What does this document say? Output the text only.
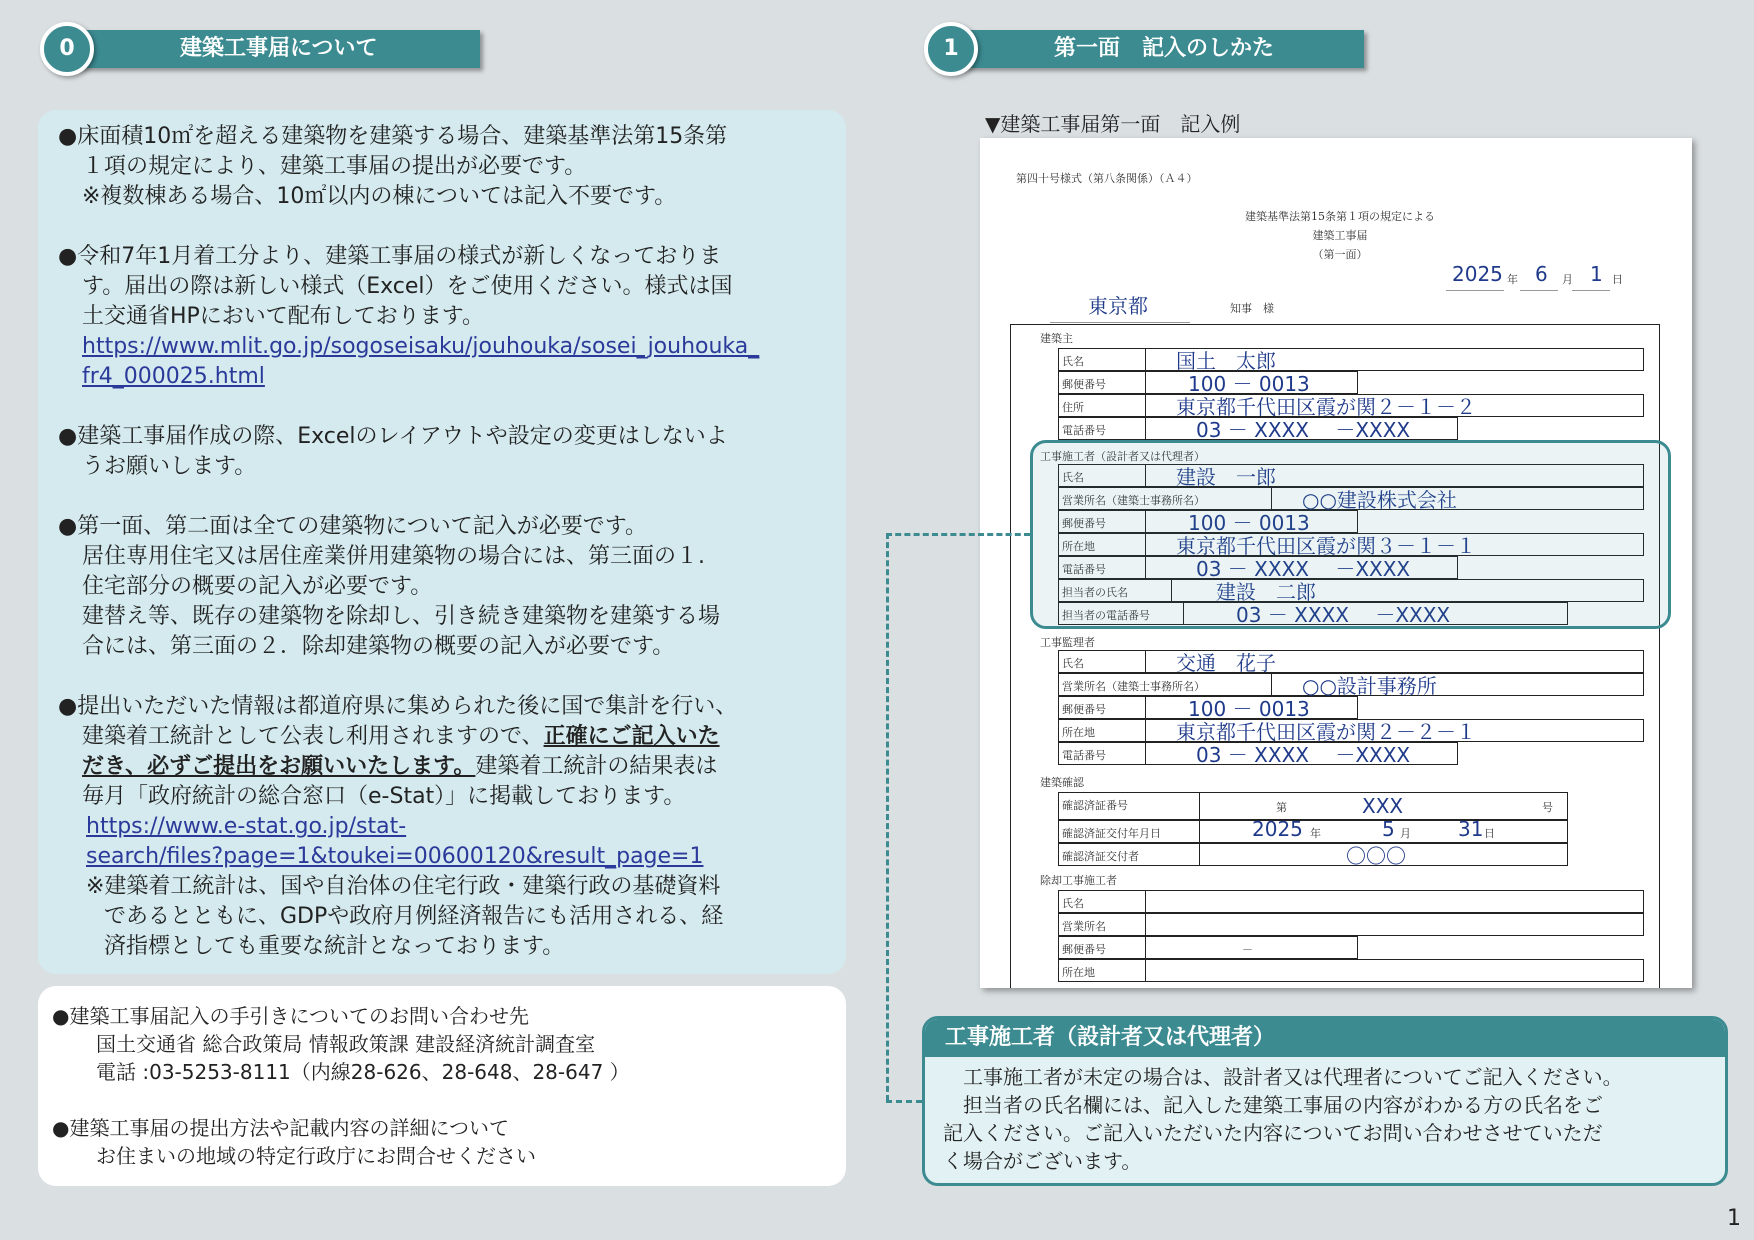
建築工事届について
0	第一面　記入のしかた
1
●床面積10㎡を超える建築物を建築する場合、建築基準法第15条第
１項の規定により、建築工事届の提出が必要です。
※複数棟ある場合、10㎡以内の棟については記入不要です。
●令和7年1月着工分より、建築工事届の様式が新しくなっておりま
す。届出の際は新しい様式（Excel）をご使用ください。様式は国
土交通省HPにおいて配布しております。
https://www.mlit.go.jp/sogoseisaku/jouhouka/sosei_jouhouka_
fr4_000025.html
●建築工事届作成の際、Excelのレイアウトや設定の変更はしないよ
うお願いします。
●第一面、第二面は全ての建築物について記入が必要です。
居住専用住宅又は居住産業併用建築物の場合には、第三面の１.
住宅部分の概要の記入が必要です。
建替え等、既存の建築物を除却し、引き続き建築物を建築する場
合には、第三面の２．除却建築物の概要の記入が必要です。
●提出いただいた情報は都道府県に集められた後に国で集計を行い、
建築着工統計として公表し利用されますので、正確にご記入いた
だき、必ずご提出をお願いいたします。建築着工統計の結果表は
毎月「政府統計の総合窓口（e-Stat）」に掲載しております。
https://www.e-stat.go.jp/stat-
search/files?page=1&toukei=00600120&result_page=1
※建築着工統計は、国や自治体の住宅行政・建築行政の基礎資料
であるとともに、GDPや政府月例経済報告にも活用される、経
済指標としても重要な統計となっております。
●建築工事届記入の手引きについてのお問い合わせ先
国土交通省 総合政策局 情報政策課 建設経済統計調査室
電話 :03-5253-8111（内線28-626、28-648、28-647 ）
●建築工事届の提出方法や記載内容の詳細について
お住まいの地域の特定行政庁にお問合せください
▼建築工事届第一面　記入例
第四十号様式（第八条関係）（Ａ４）
建築基準法第15条第１項の規定による
建築工事届
（第一面）
2025 年 6 月 1 日
東京都	知事　様
建築主
氏名	国土　太郎
郵便番号	100 － 0013
住所	東京都千代田区霞が関２－１－２
電話番号	03 － XXXX　 －XXXX
工事施工者（設計者又は代理者）
氏名	建設　一郎
営業所名（建築士事務所名）	○○建設株式会社
郵便番号	100 － 0013
所在地	東京都千代田区霞が関３－１－１
電話番号	03 － XXXX　 －XXXX
担当者の氏名	建設　二郎
担当者の電話番号	03 － XXXX　 －XXXX
工事監理者
氏名	交通　花子
営業所名（建築士事務所名）	○○設計事務所
郵便番号	100 － 0013
所在地	東京都千代田区霞が関２－２－１
電話番号	03 － XXXX　 －XXXX
建築確認
確認済証番号	第	XXX	号
確認済証交付年月日	2025 年	5 月 31 日
確認済証交付者	〇〇〇
除却工事施工者
氏名
営業所名
郵便番号	－
所在地
工事施工者（設計者又は代理者）
　工事施工者が未定の場合は、設計者又は代理者についてご記入ください。
　担当者の氏名欄には、記入した建築工事届の内容がわかる方の氏名をご
記入ください。ご記入いただいた内容についてお問い合わせさせていただ
く場合がございます。
1
